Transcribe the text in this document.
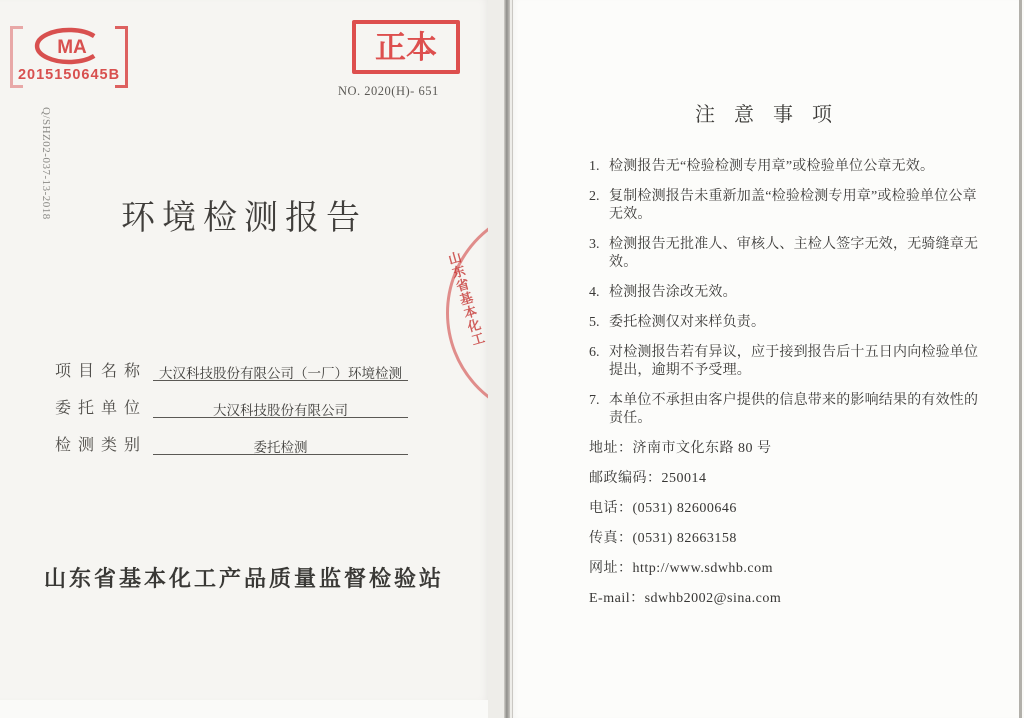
MA
2015150645B
Q/SHZ02-037-13-2018
正本
NO. 2020(H)- 651
环境检测报告
山东省基本化工
项 目 名 称	大汉科技股份有限公司（一厂）环境检测
委 托 单 位	大汉科技股份有限公司
检 测 类 别	委托检测
山东省基本化工产品质量监督检验站
注 意 事 项
1. 检测报告无“检验检测专用章”或检验单位公章无效。
2. 复制检测报告未重新加盖“检验检测专用章”或检验单位公章无效。
3. 检测报告无批准人、审核人、主检人签字无效，无骑缝章无效。
4. 检测报告涂改无效。
5. 委托检测仅对来样负责。
6. 对检测报告若有异议，应于接到报告后十五日内向检验单位提出，逾期不予受理。
7. 本单位不承担由客户提供的信息带来的影响结果的有效性的责任。
地址：济南市文化东路 80 号
邮政编码：250014
电话：(0531) 82600646
传真：(0531) 82663158
网址：http://www.sdwhb.com
E-mail：sdwhb2002@sina.com
